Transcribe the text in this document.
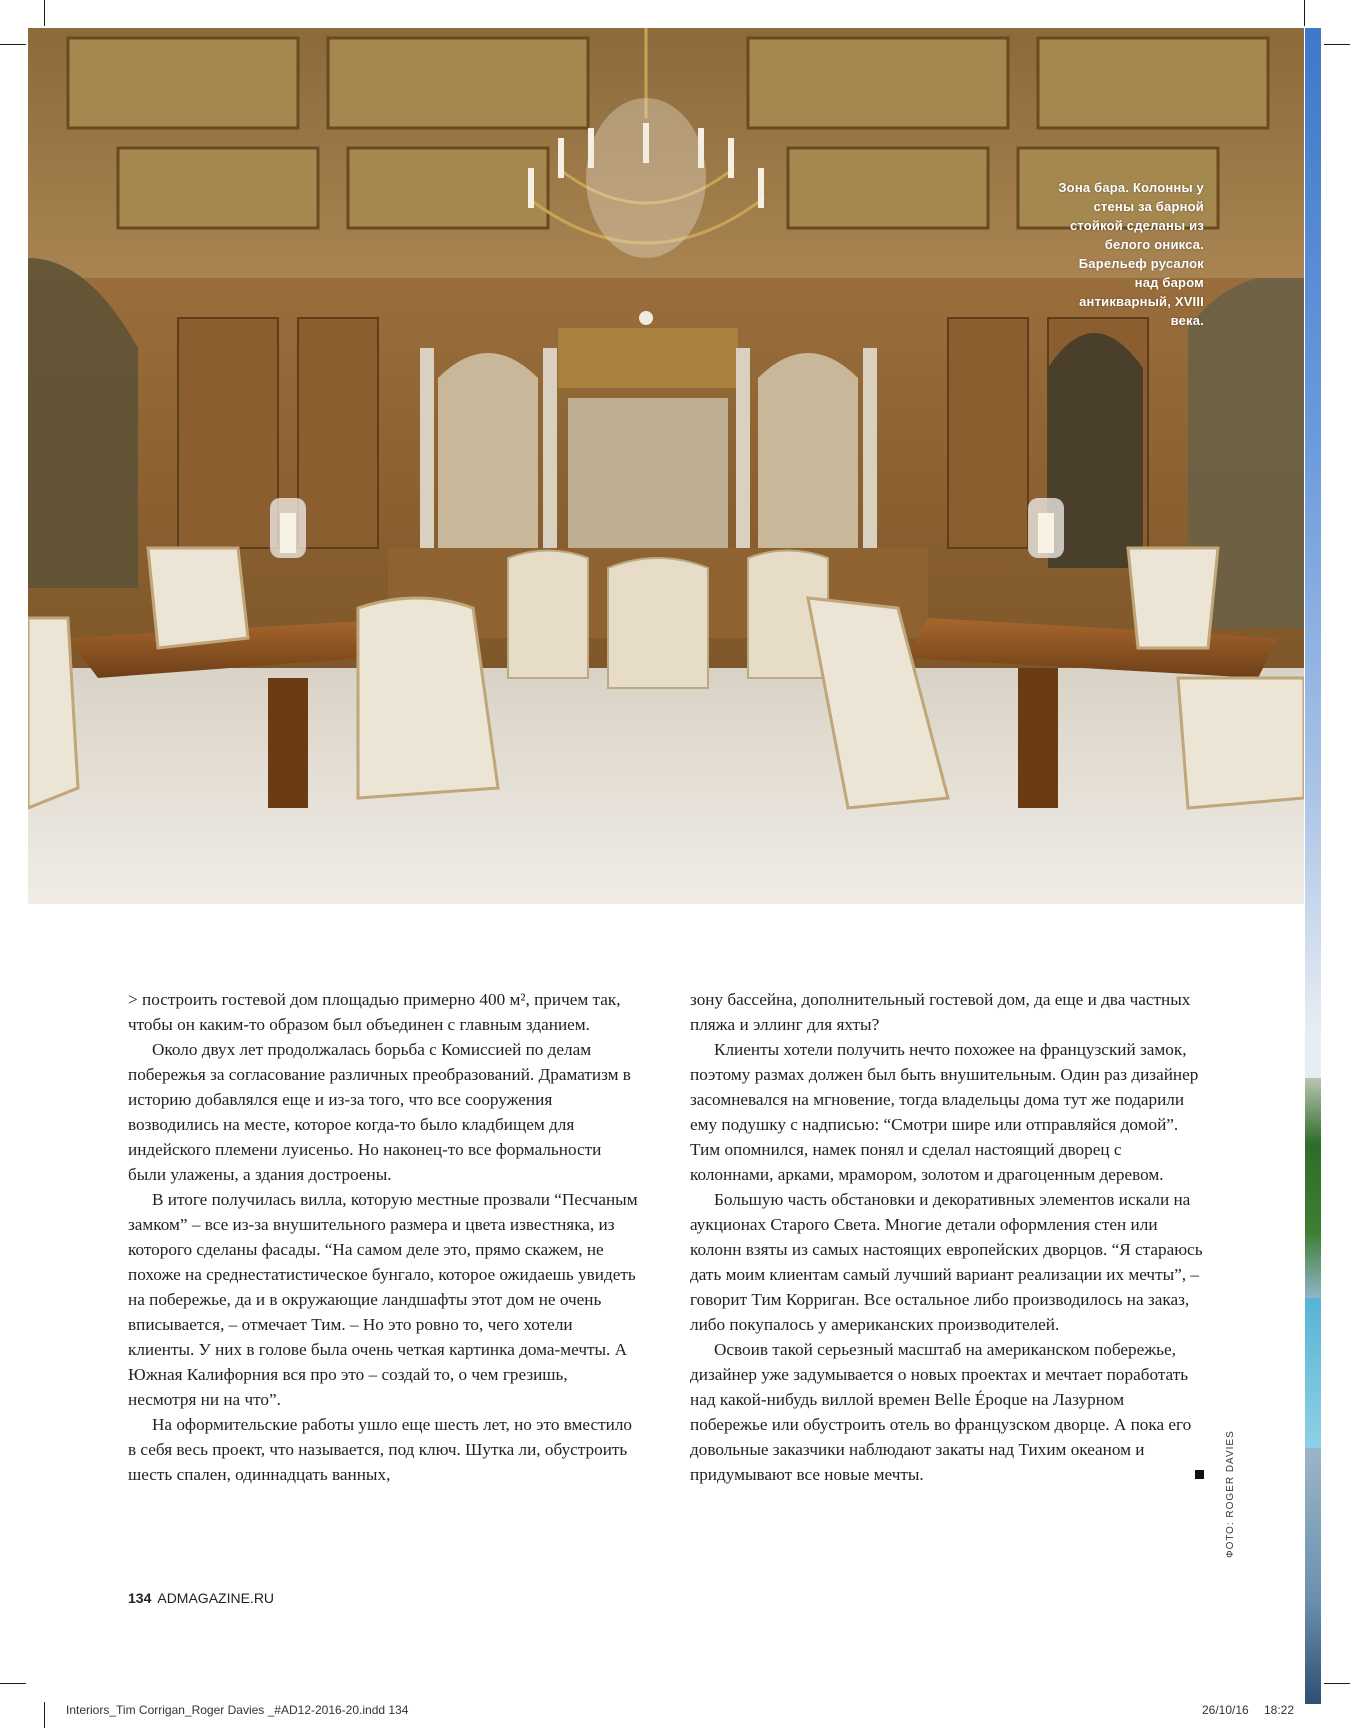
Зона бара. Колонны у стены за барной стойкой сделаны из белого оникса. Барельеф русалок над баром антикварный, XVIII века.

> построить гостевой дом площадью примерно 400 м², причем так, чтобы он каким-то образом был объединен с главным зданием.

Около двух лет продолжалась борьба с Комиссией по делам побережья за согласование различных преобразований. Драматизм в историю добавлялся еще и из-за того, что все сооружения возводились на месте, которое когда-то было кладбищем для индейского племени луисеньо. Но наконец-то все формальности были улажены, а здания достроены.

В итоге получилась вилла, которую местные прозвали “Песчаным замком” – все из-за внушительного размера и цвета известняка, из которого сделаны фасады. “На самом деле это, прямо скажем, не похоже на среднестатистическое бунгало, которое ожидаешь увидеть на побережье, да и в окружающие ландшафты этот дом не очень вписывается, – отмечает Тим. – Но это ровно то, чего хотели клиенты. У них в голове была очень четкая картинка дома-мечты. А Южная Калифорния вся про это – создай то, о чем грезишь, несмотря ни на что”.

На оформительские работы ушло еще шесть лет, но это вместило в себя весь проект, что называется, под ключ. Шутка ли, обустроить шесть спален, одиннадцать ванных,

зону бассейна, дополнительный гостевой дом, да еще и два частных пляжа и эллинг для яхты?

Клиенты хотели получить нечто похожее на французский замок, поэтому размах должен был быть внушительным. Один раз дизайнер засомневался на мгновение, тогда владельцы дома тут же подарили ему подушку с надписью: “Смотри шире или отправляйся домой”. Тим опомнился, намек понял и сделал настоящий дворец с колоннами, арками, мрамором, золотом и драгоценным деревом.

Большую часть обстановки и декоративных элементов искали на аукционах Старого Света. Многие детали оформления стен или колонн взяты из самых настоящих европейских дворцов. “Я стараюсь дать моим клиентам самый лучший вариант реализации их мечты”, – говорит Тим Корриган. Все остальное либо производилось на заказ, либо покупалось у американских производителей.

Освоив такой серьезный масштаб на американском побережье, дизайнер уже задумывается о новых проектах и мечтает поработать над какой-нибудь виллой времен Belle Époque на Лазурном побережье или обустроить отель во французском дворце. А пока его довольные заказчики наблюдают закаты над Тихим океаном и придумывают все новые мечты.	ФОТО: ROGER DAVIES
134 ADMAGAZINE.RU
Interiors_Tim Corrigan_Roger Davies _#AD12-2016-20.indd 134	26/10/16 18:22
